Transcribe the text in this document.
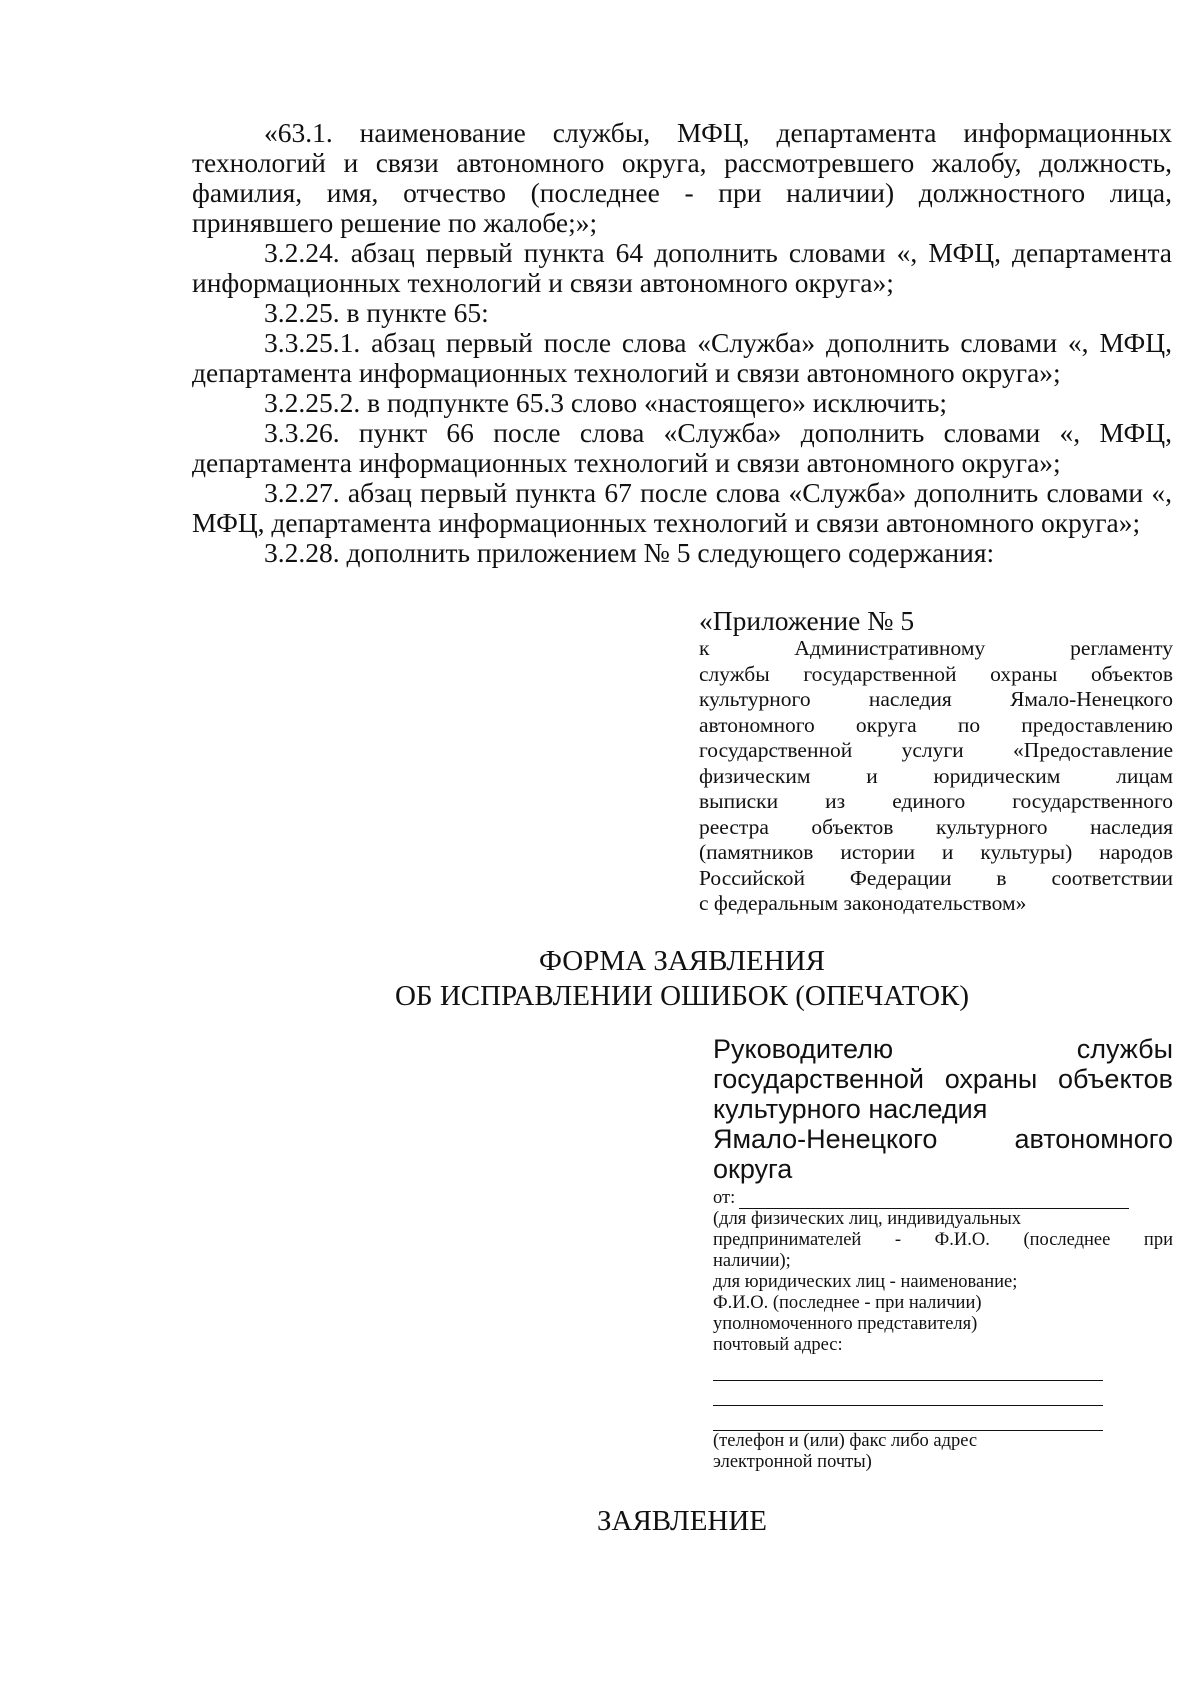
«63.1. наименование службы, МФЦ, департамента информационных технологий и связи автономного округа, рассмотревшего жалобу, должность, фамилия, имя, отчество (последнее - при наличии) должностного лица, принявшего решение по жалобе;»;

3.2.24. абзац первый пункта 64 дополнить словами «, МФЦ, департамента информационных технологий и связи автономного округа»;

3.2.25. в пункте 65:

3.3.25.1. абзац первый после слова «Служба» дополнить словами «, МФЦ, департамента информационных технологий и связи автономного округа»;

3.2.25.2. в подпункте 65.3 слово «настоящего» исключить;

3.3.26. пункт 66 после слова «Служба» дополнить словами «, МФЦ, департамента информационных технологий и связи автономного округа»;

3.2.27. абзац первый пункта 67 после слова «Служба» дополнить словами «, МФЦ, департамента информационных технологий и связи автономного округа»;

3.2.28. дополнить приложением № 5 следующего содержания:

«Приложение № 5

к Административному регламенту

службы государственной охраны объектов

культурного наследия Ямало-Ненецкого

автономного округа по предоставлению

государственной услуги «Предоставление

физическим и юридическим лицам

выписки из единого государственного

реестра объектов культурного наследия

(памятников истории и культуры) народов

Российской Федерации в соответствии

с федеральным законодательством»

ФОРМА ЗАЯВЛЕНИЯ
ОБ ИСПРАВЛЕНИИ ОШИБОК (ОПЕЧАТОК)
Руководителю службы
государственной охраны объектов
культурного наследия
Ямало-Ненецкого автономного
округа
от:

(для физических лиц, индивидуальных

предпринимателей - Ф.И.О. (последнее при

наличии);

для юридических лиц - наименование;

Ф.И.О. (последнее - при наличии)

уполномоченного представителя)

почтовый адрес:

(телефон и (или) факс либо адрес

электронной почты)

ЗАЯВЛЕНИЕ
